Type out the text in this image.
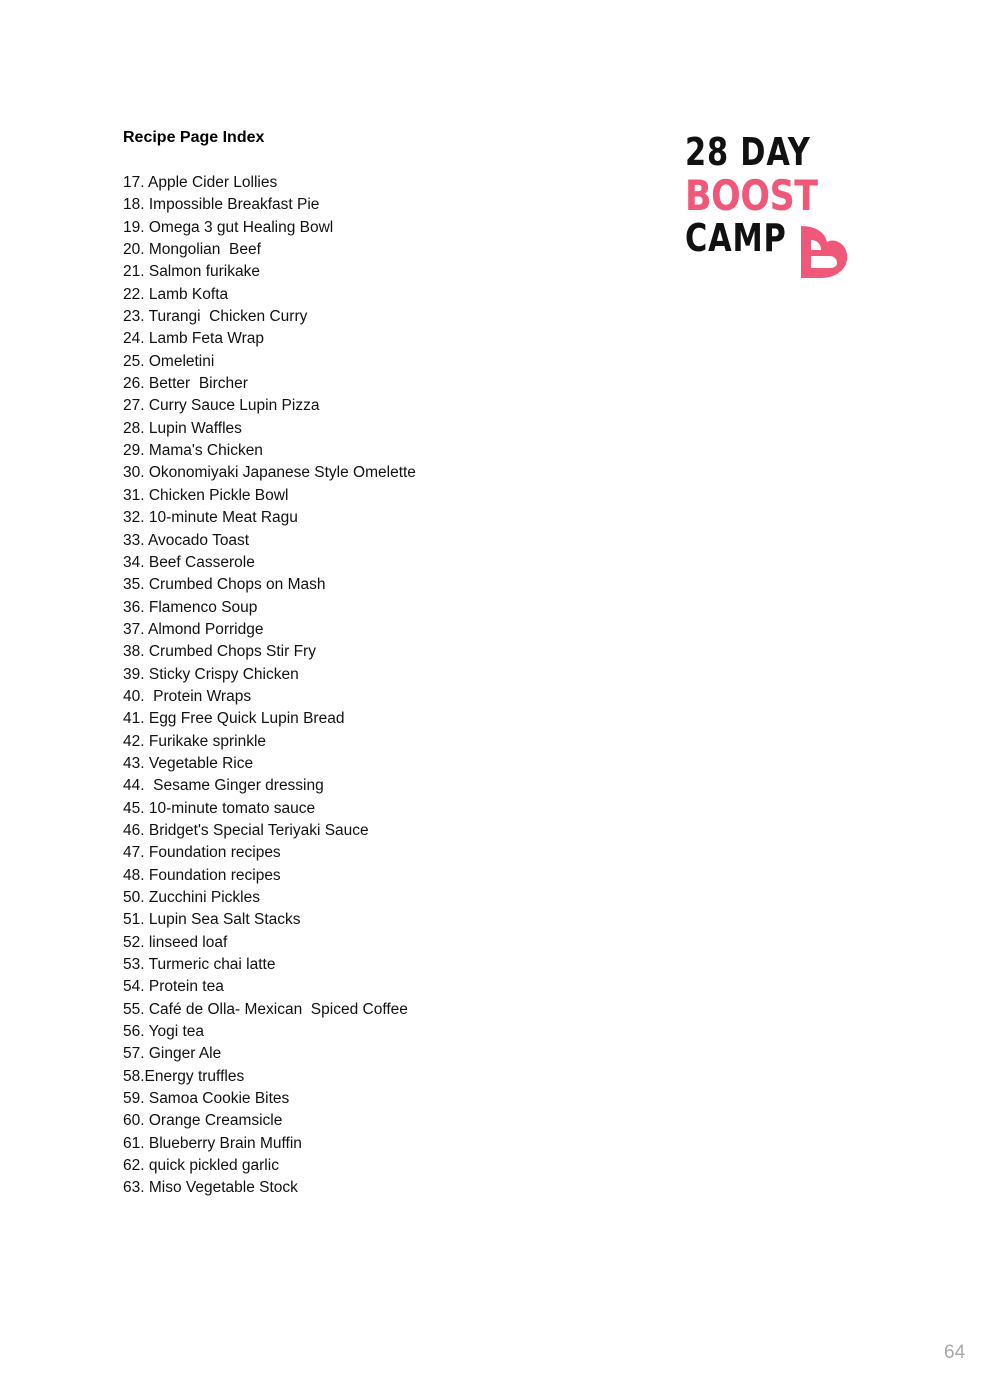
Recipe Page Index
17. Apple Cider Lollies
18. Impossible Breakfast Pie
19. Omega 3 gut Healing Bowl
20. Mongolian  Beef
21. Salmon furikake
22. Lamb Kofta
23. Turangi  Chicken Curry
24. Lamb Feta Wrap
25. Omeletini
26. Better  Bircher
27. Curry Sauce Lupin Pizza
28. Lupin Waffles
29. Mama's Chicken
30. Okonomiyaki Japanese Style Omelette
31. Chicken Pickle Bowl
32. 10-minute Meat Ragu
33. Avocado Toast
34. Beef Casserole
35. Crumbed Chops on Mash
36. Flamenco Soup
37. Almond Porridge
38. Crumbed Chops Stir Fry
39. Sticky Crispy Chicken
40.  Protein Wraps
41. Egg Free Quick Lupin Bread
42. Furikake sprinkle
43. Vegetable Rice
44.  Sesame Ginger dressing
45. 10-minute tomato sauce
46. Bridget's Special Teriyaki Sauce
47. Foundation recipes
48. Foundation recipes
50. Zucchini Pickles
51. Lupin Sea Salt Stacks
52. linseed loaf
53. Turmeric chai latte
54. Protein tea
55. Café de Olla- Mexican  Spiced Coffee
56. Yogi tea
57. Ginger Ale
58.Energy truffles
59. Samoa Cookie Bites
60. Orange Creamsicle
61. Blueberry Brain Muffin
62. quick pickled garlic
63. Miso Vegetable Stock
28 DAY
BOOST
CAMP
64
